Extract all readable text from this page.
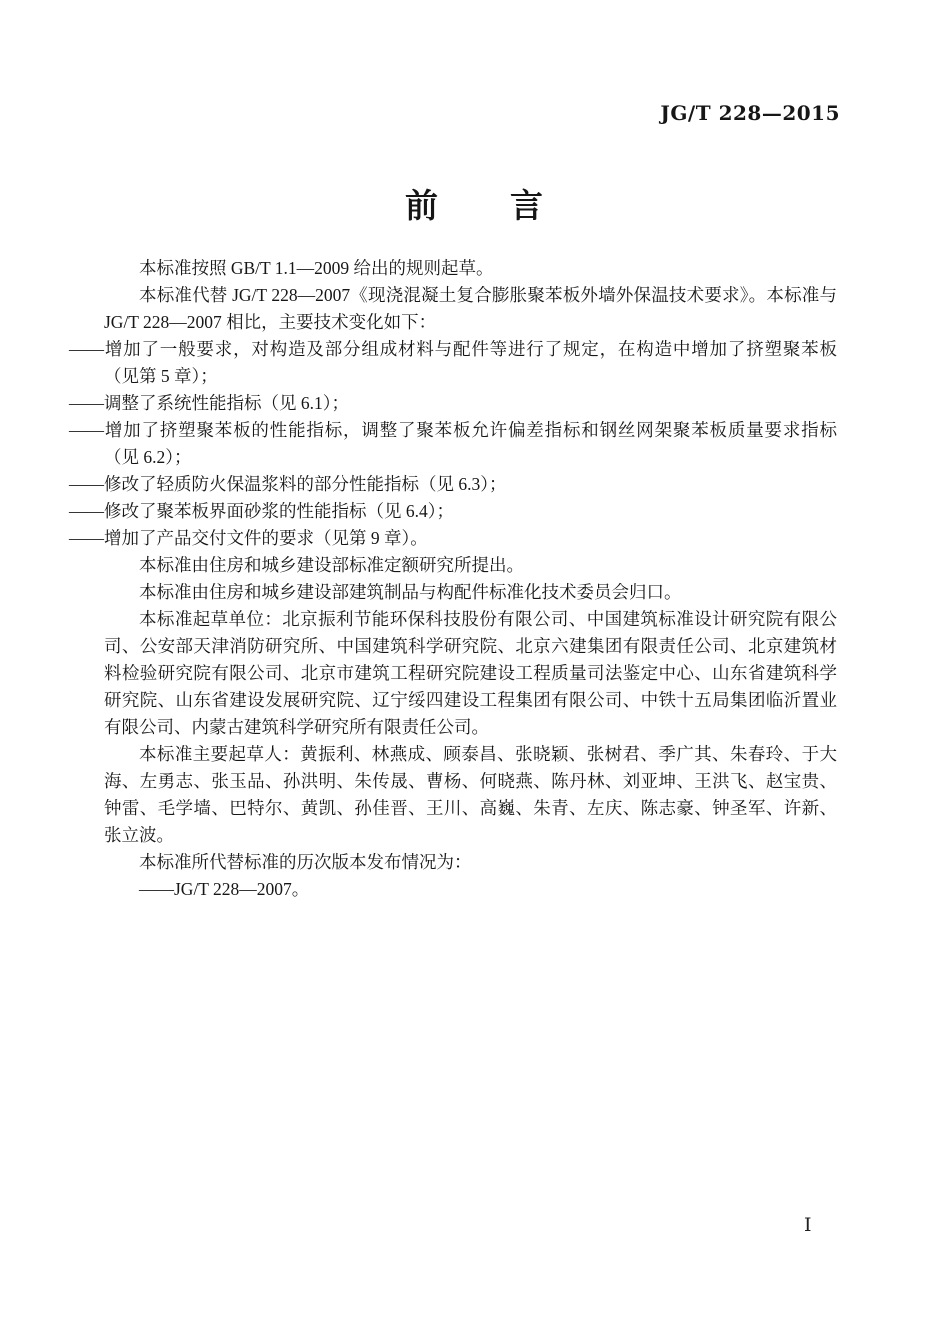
JG/T 228—2015
前　　言

本标准按照 GB/T 1.1—2009 给出的规则起草。

本标准代替 JG/T 228—2007《现浇混凝土复合膨胀聚苯板外墙外保温技术要求》。本标准与 JG/T 228—2007 相比，主要技术变化如下：

——增加了一般要求，对构造及部分组成材料与配件等进行了规定，在构造中增加了挤塑聚苯板（见第 5 章）；

——调整了系统性能指标（见 6.1）；

——增加了挤塑聚苯板的性能指标，调整了聚苯板允许偏差指标和钢丝网架聚苯板质量要求指标（见 6.2）；

——修改了轻质防火保温浆料的部分性能指标（见 6.3）；

——修改了聚苯板界面砂浆的性能指标（见 6.4）；

——增加了产品交付文件的要求（见第 9 章）。

本标准由住房和城乡建设部标准定额研究所提出。

本标准由住房和城乡建设部建筑制品与构配件标准化技术委员会归口。

本标准起草单位：北京振利节能环保科技股份有限公司、中国建筑标准设计研究院有限公司、公安部天津消防研究所、中国建筑科学研究院、北京六建集团有限责任公司、北京建筑材料检验研究院有限公司、北京市建筑工程研究院建设工程质量司法鉴定中心、山东省建筑科学研究院、山东省建设发展研究院、辽宁绥四建设工程集团有限公司、中铁十五局集团临沂置业有限公司、内蒙古建筑科学研究所有限责任公司。

本标准主要起草人：黄振利、林燕成、顾泰昌、张晓颖、张树君、季广其、朱春玲、于大海、左勇志、张玉品、孙洪明、朱传晟、曹杨、何晓燕、陈丹林、刘亚坤、王洪飞、赵宝贵、钟雷、毛学墙、巴特尔、黄凯、孙佳晋、王川、高巍、朱青、左庆、陈志豪、钟圣军、许新、张立波。

本标准所代替标准的历次版本发布情况为：

——JG/T 228—2007。

I
